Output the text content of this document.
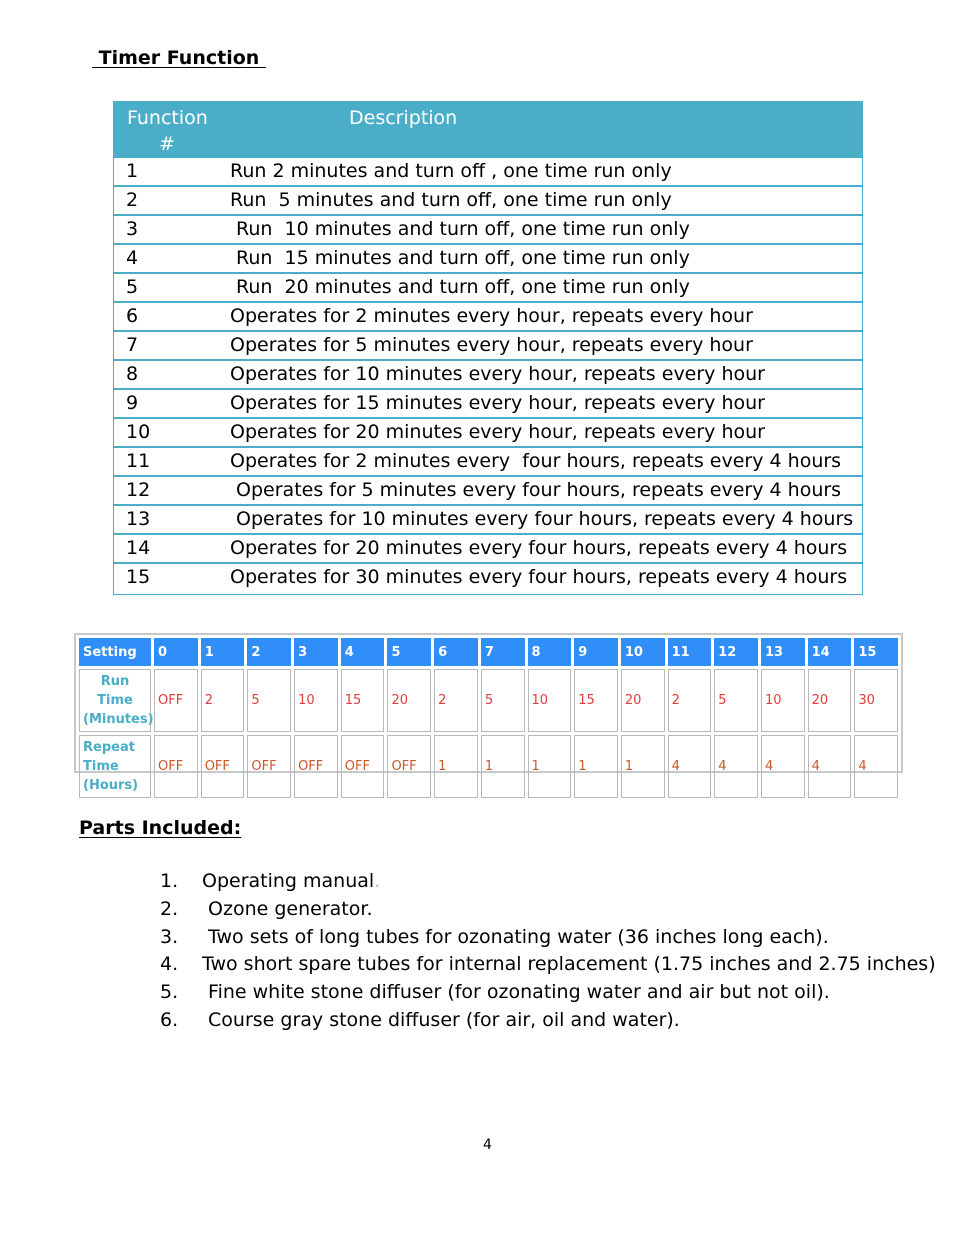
Timer Function
Function
#
Description
1	Run 2 minutes and turn off , one time run only
2	Run  5 minutes and turn off, one time run only
3	Run  10 minutes and turn off, one time run only
4	Run  15 minutes and turn off, one time run only
5	Run  20 minutes and turn off, one time run only
6	Operates for 2 minutes every hour, repeats every hour
7	Operates for 5 minutes every hour, repeats every hour
8	Operates for 10 minutes every hour, repeats every hour
9	Operates for 15 minutes every hour, repeats every hour
10	Operates for 20 minutes every hour, repeats every hour
11	Operates for 2 minutes every  four hours, repeats every 4 hours
12	Operates for 5 minutes every four hours, repeats every 4 hours
13	Operates for 10 minutes every four hours, repeats every 4 hours
14	Operates for 20 minutes every four hours, repeats every 4 hours
15	Operates for 30 minutes every four hours, repeats every 4 hours
Setting	0	1	2	3	4	5	6	7	8	9	10	11	12	13	14	15

Run Time
(Minutes)	OFF	2	5	10	15	20	2	5	10	15	20	2	5	10	20	30

Repeat
Time
(Hours)	OFF	OFF	OFF	OFF	OFF	OFF	1	1	1	1	1	4	4	4	4	4
Parts Included:
1. Operating manual.
2. Ozone generator.
3. Two sets of long tubes for ozonating water (36 inches long each).
4. Two short spare tubes for internal replacement (1.75 inches and 2.75 inches)
5. Fine white stone diffuser (for ozonating water and air but not oil).
6. Course gray stone diffuser (for air, oil and water).
4
